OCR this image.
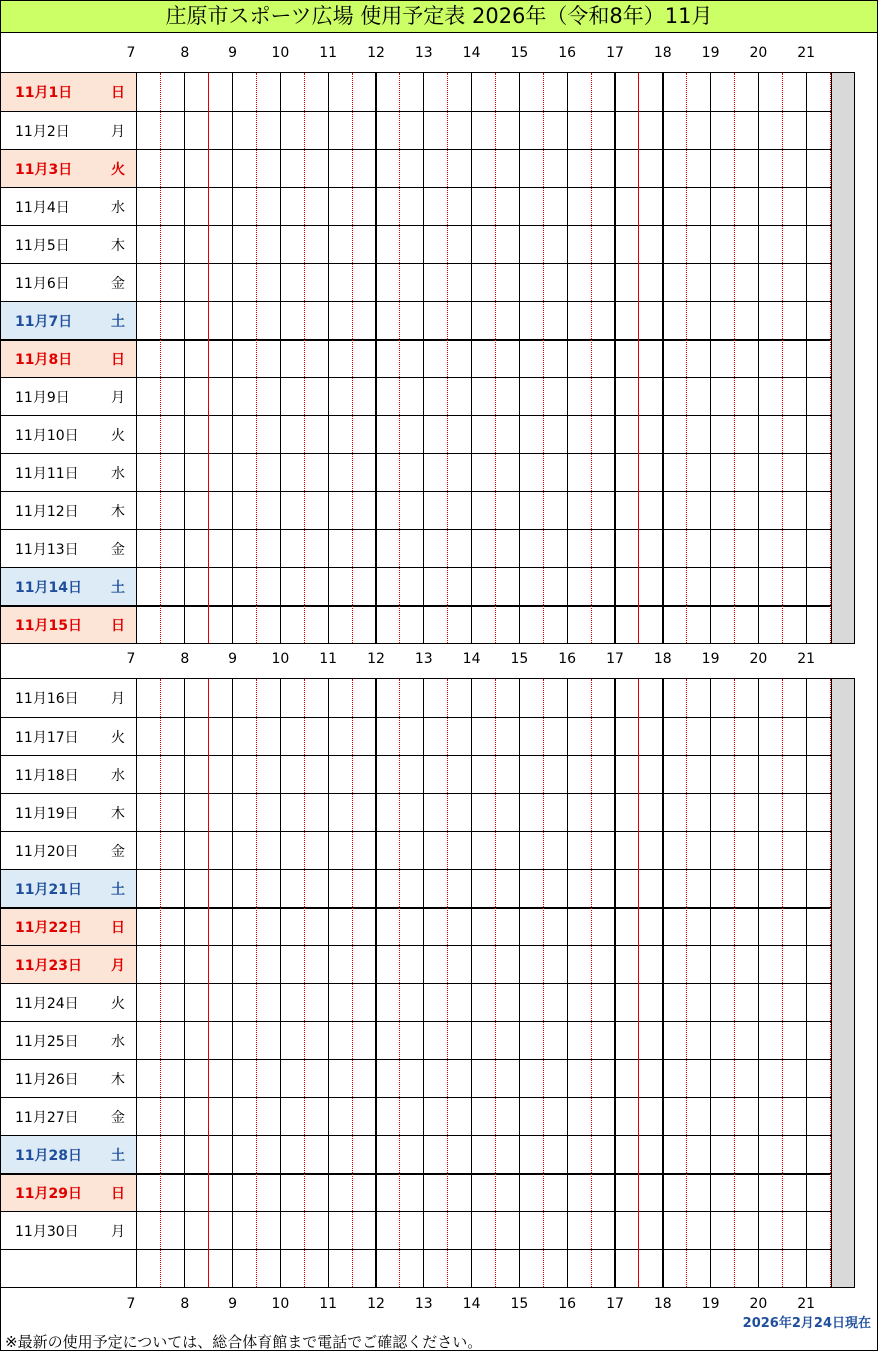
庄原市スポーツ広場 使用予定表 2026年（令和8年）11月
7	8	9	10	11	12	13	14	15	16	17	18	19	20	21
11月1日	日
11月2日	月
11月3日	火
11月4日	水
11月5日	木
11月6日	金
11月7日	土
11月8日	日
11月9日	月
11月10日 火
11月11日 水
11月12日 木
11月13日 金
11月14日 土
11月15日 日
7	8	9	10	11	12	13	14	15	16	17	18	19	20	21
11月16日 月
11月17日 火
11月18日 水
11月19日 木
11月20日 金
11月21日 土
11月22日 日
11月23日 月
11月24日 火
11月25日 水
11月26日 木
11月27日 金
11月28日 土
11月29日 日
11月30日 月
7	8	9	10	11	12	13	14	15	16	17	18	19	20	21
2026年2月24日現在
※最新の使用予定については、総合体育館まで電話でご確認ください。
